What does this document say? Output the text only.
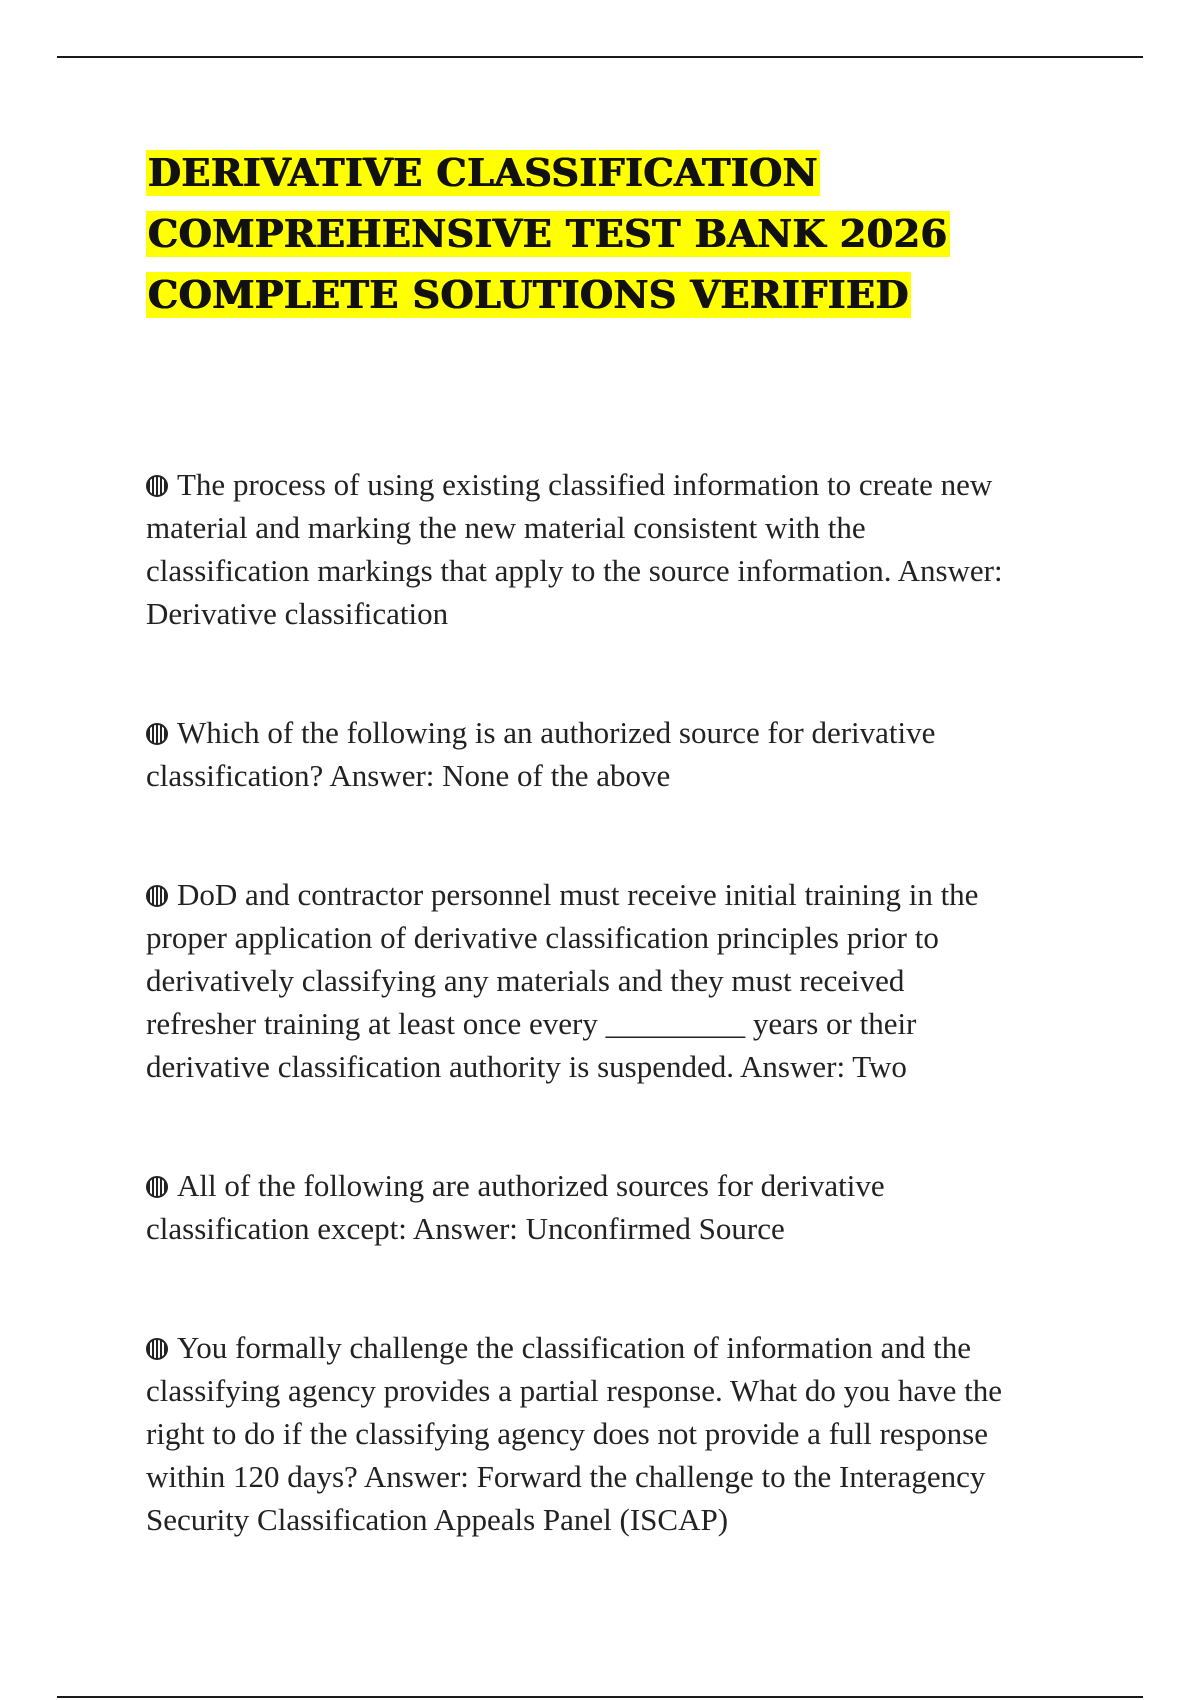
DERIVATIVE CLASSIFICATION
COMPREHENSIVE TEST BANK 2026
COMPLETE SOLUTIONS VERIFIED
The process of using existing classified information to create new
material and marking the new material consistent with the
classification markings that apply to the source information. Answer:
Derivative classification
Which of the following is an authorized source for derivative
classification? Answer: None of the above
DoD and contractor personnel must receive initial training in the
proper application of derivative classification principles prior to
derivatively classifying any materials and they must received
refresher training at least once every _________ years or their
derivative classification authority is suspended. Answer: Two
All of the following are authorized sources for derivative
classification except: Answer: Unconfirmed Source
You formally challenge the classification of information and the
classifying agency provides a partial response. What do you have the
right to do if the classifying agency does not provide a full response
within 120 days? Answer: Forward the challenge to the Interagency
Security Classification Appeals Panel (ISCAP)
